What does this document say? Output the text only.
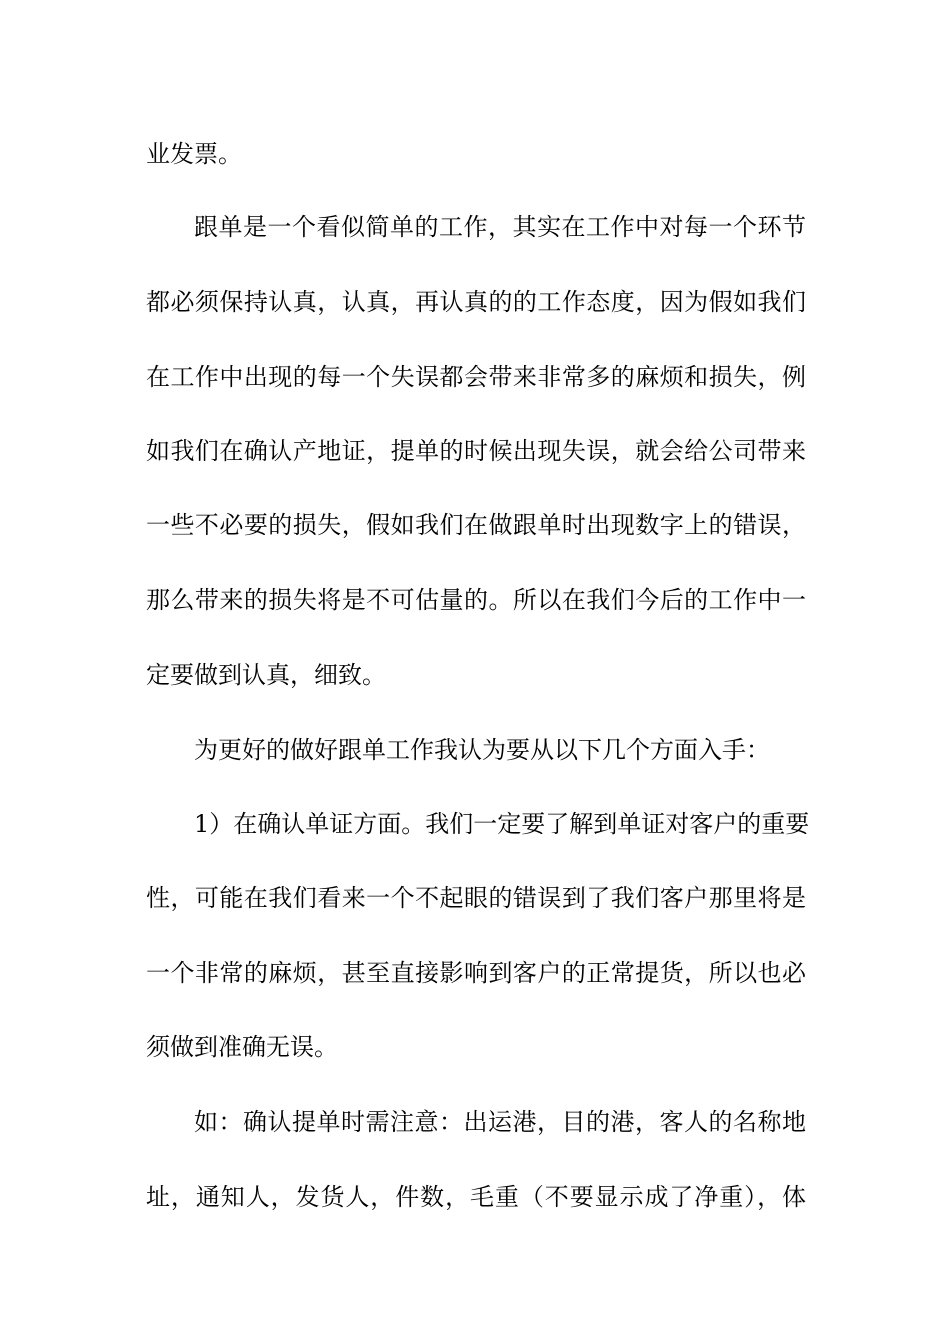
业发票。
跟单是一个看似简单的工作，其实在工作中对每一个环节
都必须保持认真，认真，再认真的的工作态度，因为假如我们
在工作中出现的每一个失误都会带来非常多的麻烦和损失，例
如我们在确认产地证，提单的时候出现失误，就会给公司带来
一些不必要的损失，假如我们在做跟单时出现数字上的错误，
那么带来的损失将是不可估量的。所以在我们今后的工作中一
定要做到认真，细致。
为更好的做好跟单工作我认为要从以下几个方面入手：
1）在确认单证方面。我们一定要了解到单证对客户的重要
性，可能在我们看来一个不起眼的错误到了我们客户那里将是
一个非常的麻烦，甚至直接影响到客户的正常提货，所以也必
须做到准确无误。
如：确认提单时需注意：出运港，目的港，客人的名称地
址，通知人，发货人，件数，毛重（不要显示成了净重），体
